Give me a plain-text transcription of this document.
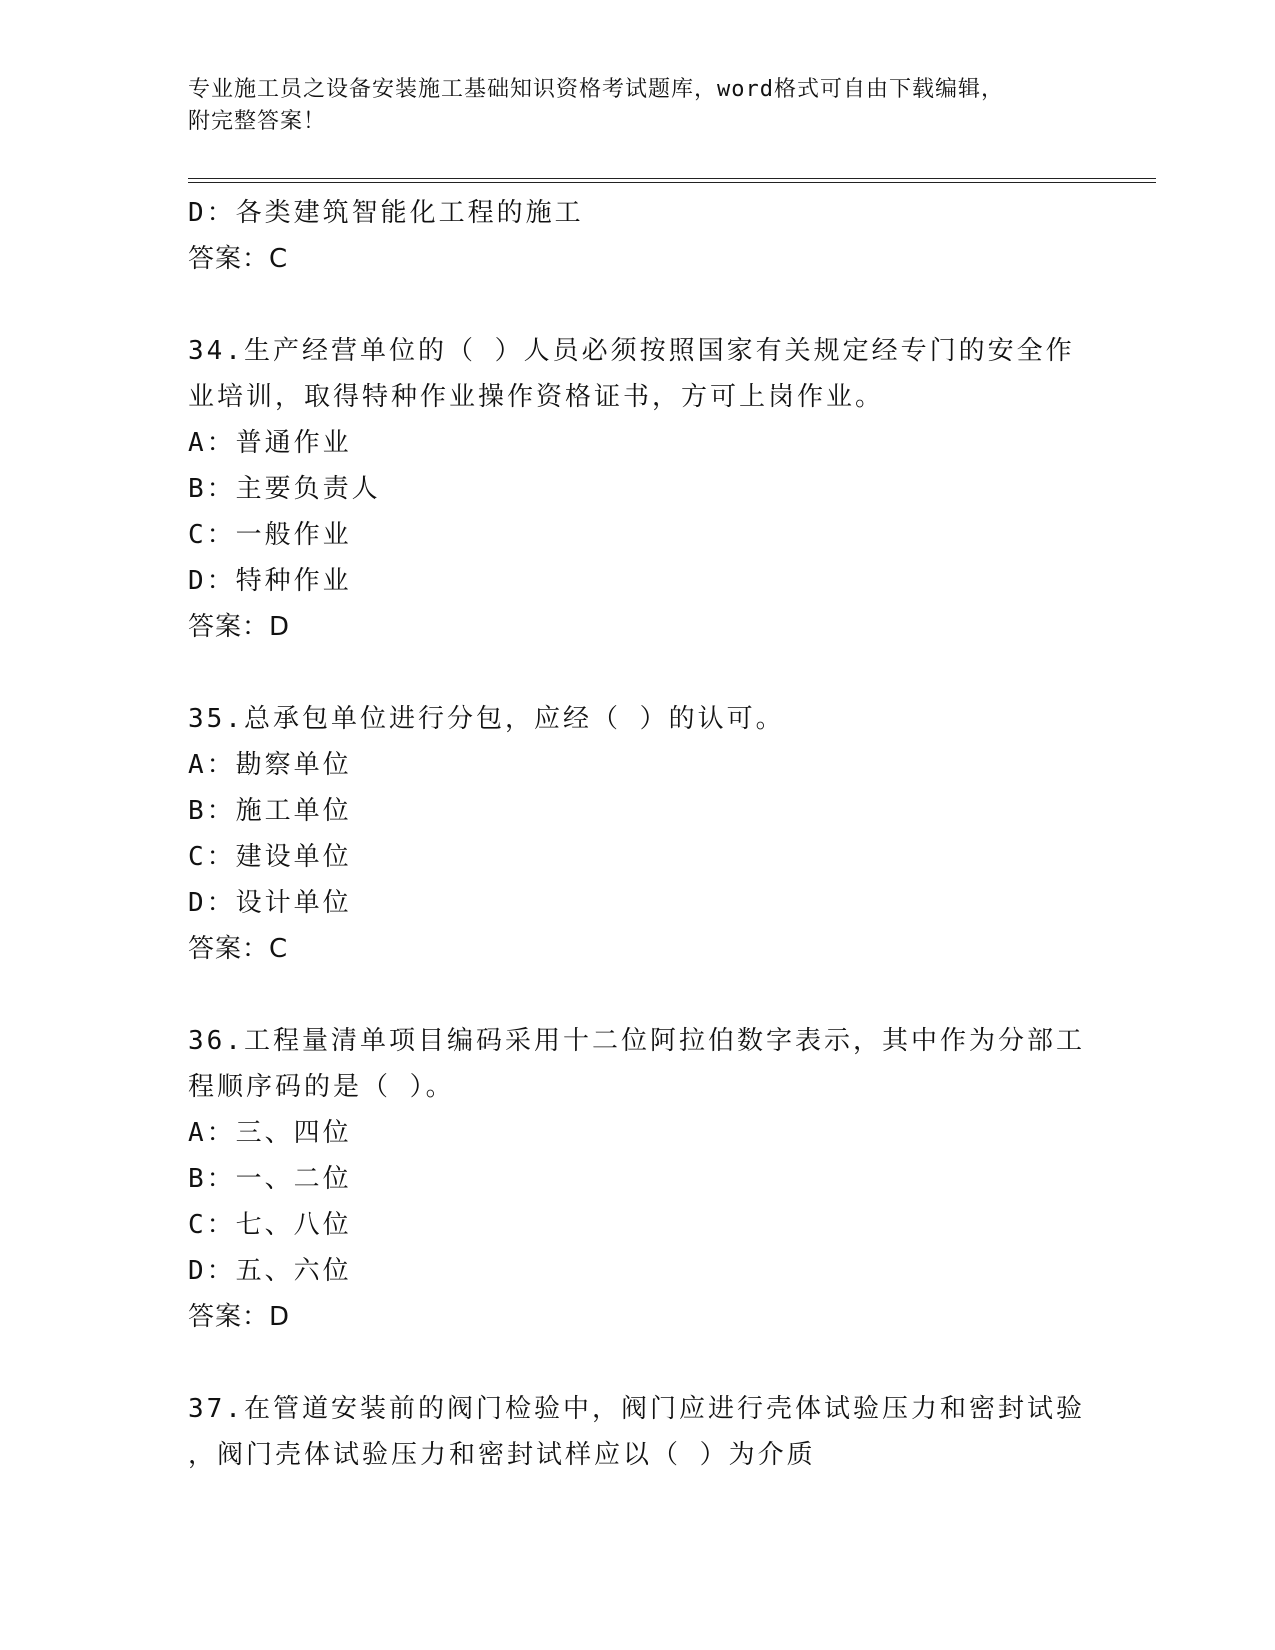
专业施工员之设备安装施工基础知识资格考试题库，word格式可自由下载编辑，
附完整答案！
D：各类建筑智能化工程的施工
答案：C
34.生产经营单位的（ ）人员必须按照国家有关规定经专门的安全作
业培训，取得特种作业操作资格证书，方可上岗作业。
A：普通作业
B：主要负责人
C：一般作业
D：特种作业
答案：D
35.总承包单位进行分包，应经（ ）的认可。
A：勘察单位
B：施工单位
C：建设单位
D：设计单位
答案：C
36.工程量清单项目编码采用十二位阿拉伯数字表示，其中作为分部工
程顺序码的是（ ）。
A：三、四位
B：一、二位
C：七、八位
D：五、六位
答案：D
37.在管道安装前的阀门检验中，阀门应进行壳体试验压力和密封试验
，阀门壳体试验压力和密封试样应以（ ）为介质
